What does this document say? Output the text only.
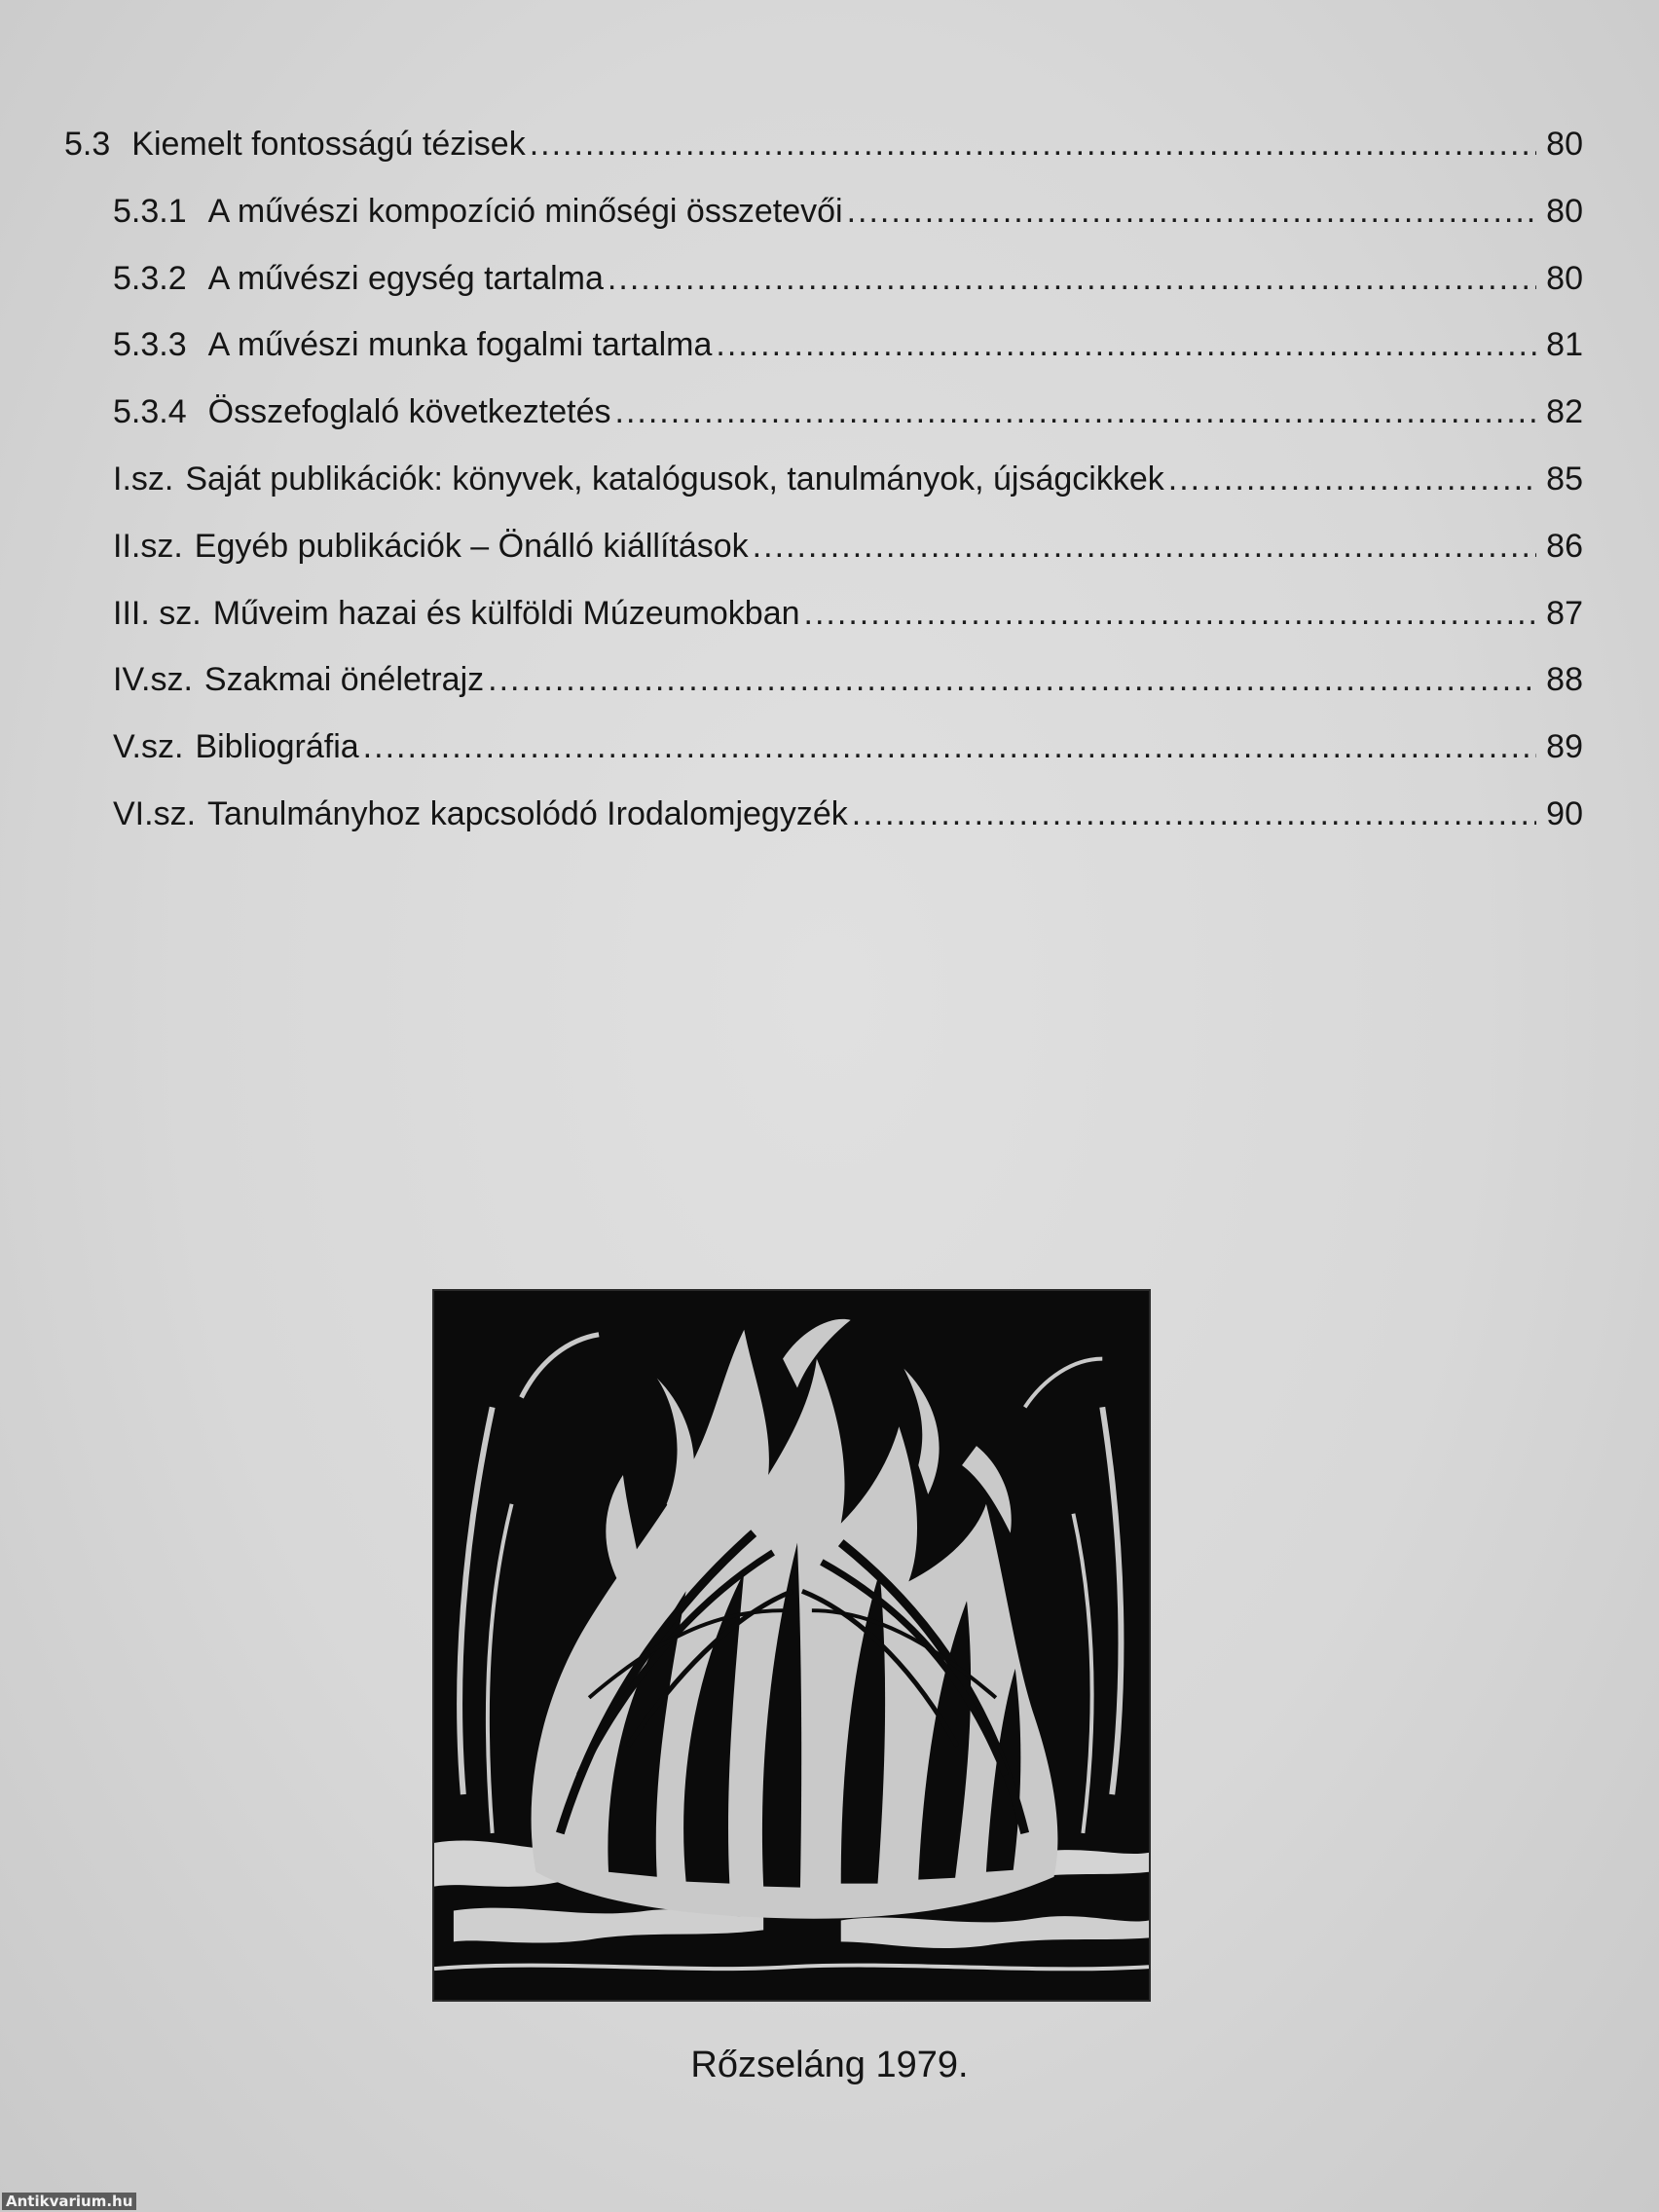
5.3 Kiemelt fontosságú tézisek .....	80
5.3.1 A művészi kompozíció minőségi összetevői .....	80
5.3.2 A művészi egység tartalma .....	80
5.3.3 A művészi munka fogalmi tartalma .....	81
5.3.4 Összefoglaló következtetés .....	82
I.sz. Saját publikációk: könyvek, katalógusok, tanulmányok, újságcikkek .....	85
II.sz. Egyéb publikációk – Önálló kiállítások .....	86
III. sz. Műveim hazai és külföldi Múzeumokban .....	87
IV.sz. Szakmai önéletrajz .....	88
V.sz. Bibliográfia .....	89
VI.sz. Tanulmányhoz kapcsolódó Irodalomjegyzék .....	90
Rőzseláng 1979.
Antikvarium.hu
